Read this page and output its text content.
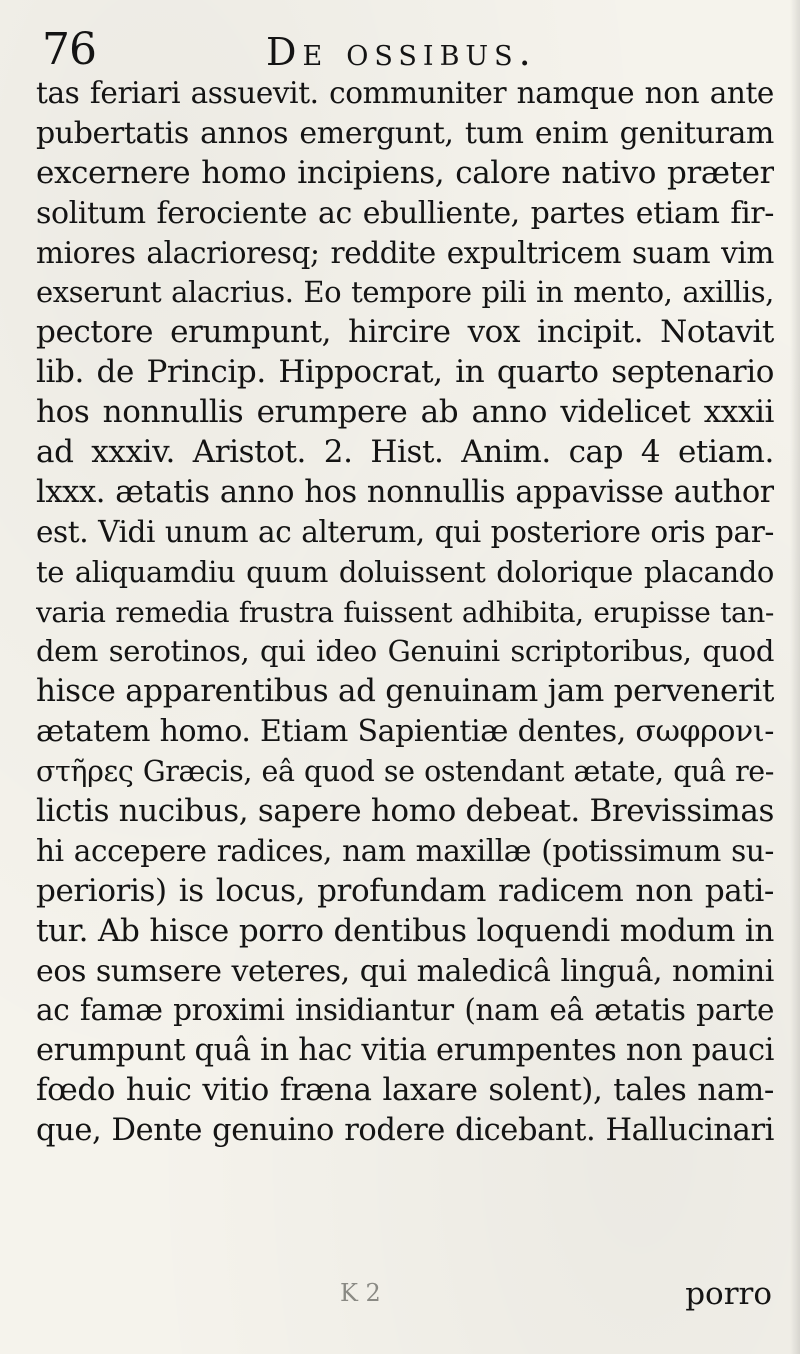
76	De ossibus.
tas feriari assuevit. communiter namque non ante
pubertatis annos emergunt, tum enim genituram
excernere homo incipiens, calore nativo præter
solitum ferociente ac ebulliente, partes etiam fir-
miores alacrioresq; reddite expultricem suam vim
exserunt alacrius. Eo tempore pili in mento, axillis,
pectore erumpunt, hircire vox incipit. Notavit
lib. de Princip. Hippocrat, in quarto septenario
hos nonnullis erumpere ab anno videlicet xxxii
ad xxxiv. Aristot. 2. Hist. Anim. cap 4 etiam.
lxxx. ætatis anno hos nonnullis appavisse author
est. Vidi unum ac alterum, qui posteriore oris par-
te aliquamdiu quum doluissent dolorique placando
varia remedia frustra fuissent adhibita, erupisse tan-
dem serotinos, qui ideo Genuini scriptoribus, quod
hisce apparentibus ad genuinam jam pervenerit
ætatem homo. Etiam Sapientiæ dentes, σωφρονι-
στῆρες Græcis, eâ quod se ostendant ætate, quâ re-
lictis nucibus, sapere homo debeat. Brevissimas
hi accepere radices, nam maxillæ (potissimum su-
perioris) is locus, profundam radicem non pati-
tur. Ab hisce porro dentibus loquendi modum in
eos sumsere veteres, qui maledicâ linguâ, nomini
ac famæ proximi insidiantur (nam eâ ætatis parte
erumpunt quâ in hac vitia erumpentes non pauci
fœdo huic vitio fræna laxare solent), tales nam-
que, Dente genuino rodere dicebant. Hallucinari
K 2	porro
